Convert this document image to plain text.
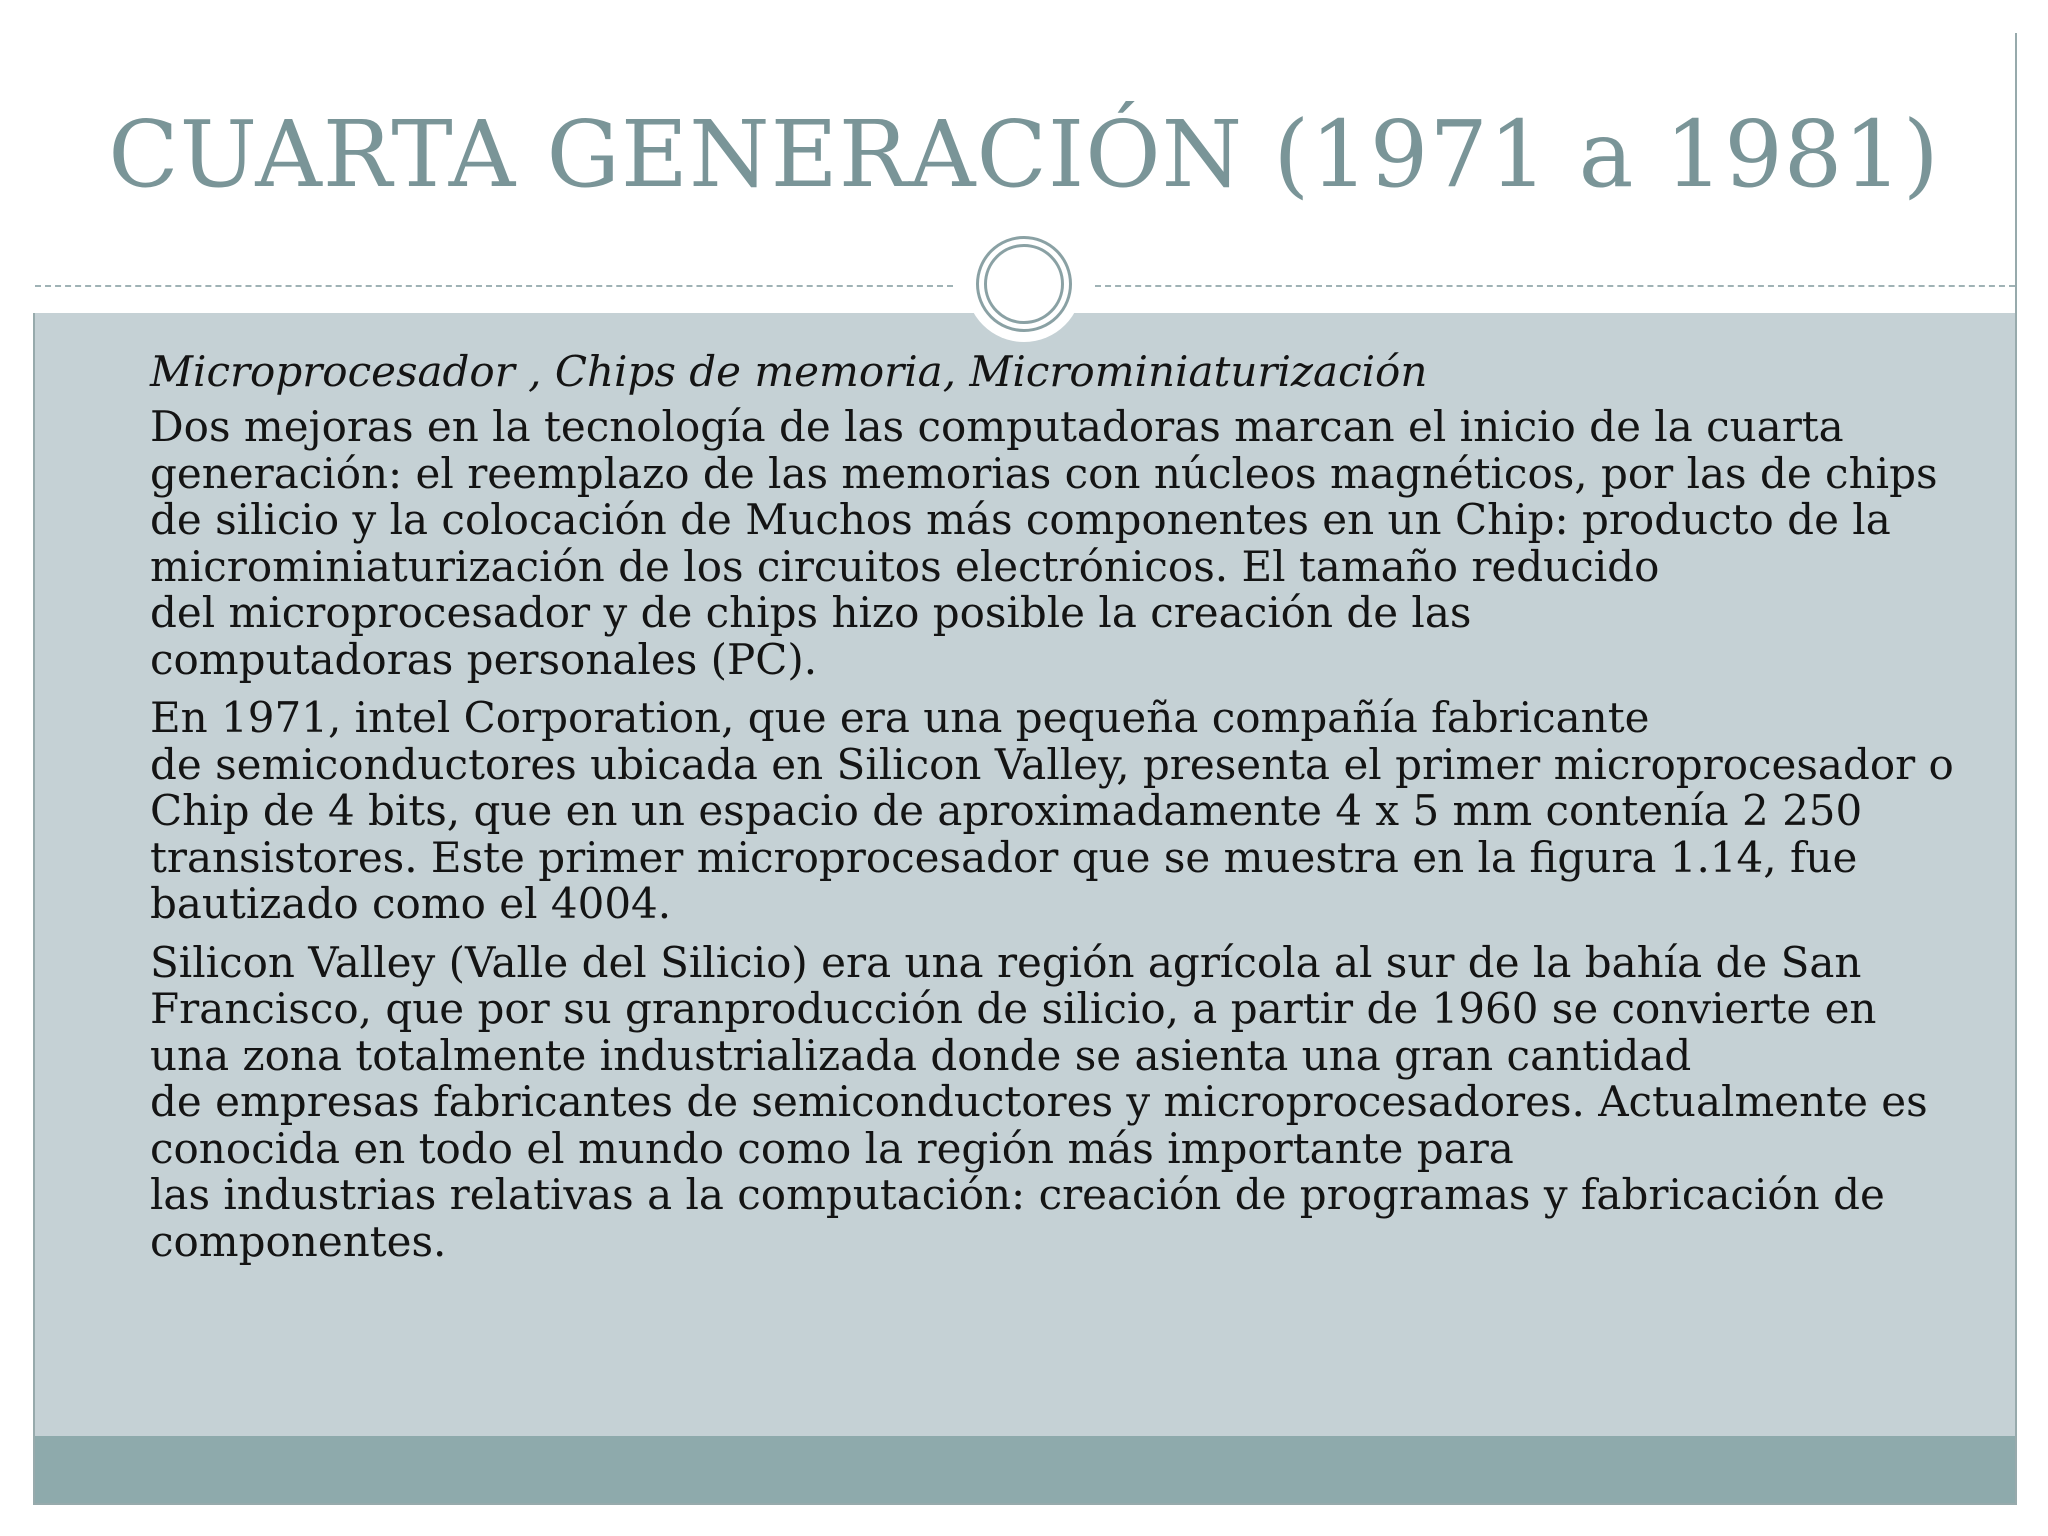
CUARTA GENERACIÓN (1971 a 1981)

Microprocesador , Chips de memoria, Microminiaturización

Dos mejoras en la tecnología de las computadoras marcan el inicio de la cuarta
generación: el reemplazo de las memorias con núcleos magnéticos, por las de chips
de silicio y la colocación de Muchos más componentes en un Chip: producto de la
microminiaturización de los circuitos electrónicos. El tamaño reducido
del microprocesador y de chips hizo posible la creación de las
computadoras personales (PC).

En 1971, intel Corporation, que era una pequeña compañía fabricante
de semiconductores ubicada en Silicon Valley, presenta el primer microprocesador o
Chip de 4 bits, que en un espacio de aproximadamente 4 x 5 mm contenía 2 250
transistores. Este primer microprocesador que se muestra en la figura 1.14, fue
bautizado como el 4004.

Silicon Valley (Valle del Silicio) era una región agrícola al sur de la bahía de San
Francisco, que por su granproducción de silicio, a partir de 1960 se convierte en
una zona totalmente industrializada donde se asienta una gran cantidad
de empresas fabricantes de semiconductores y microprocesadores. Actualmente es
conocida en todo el mundo como la región más importante para
las industrias relativas a la computación: creación de programas y fabricación de
componentes.
